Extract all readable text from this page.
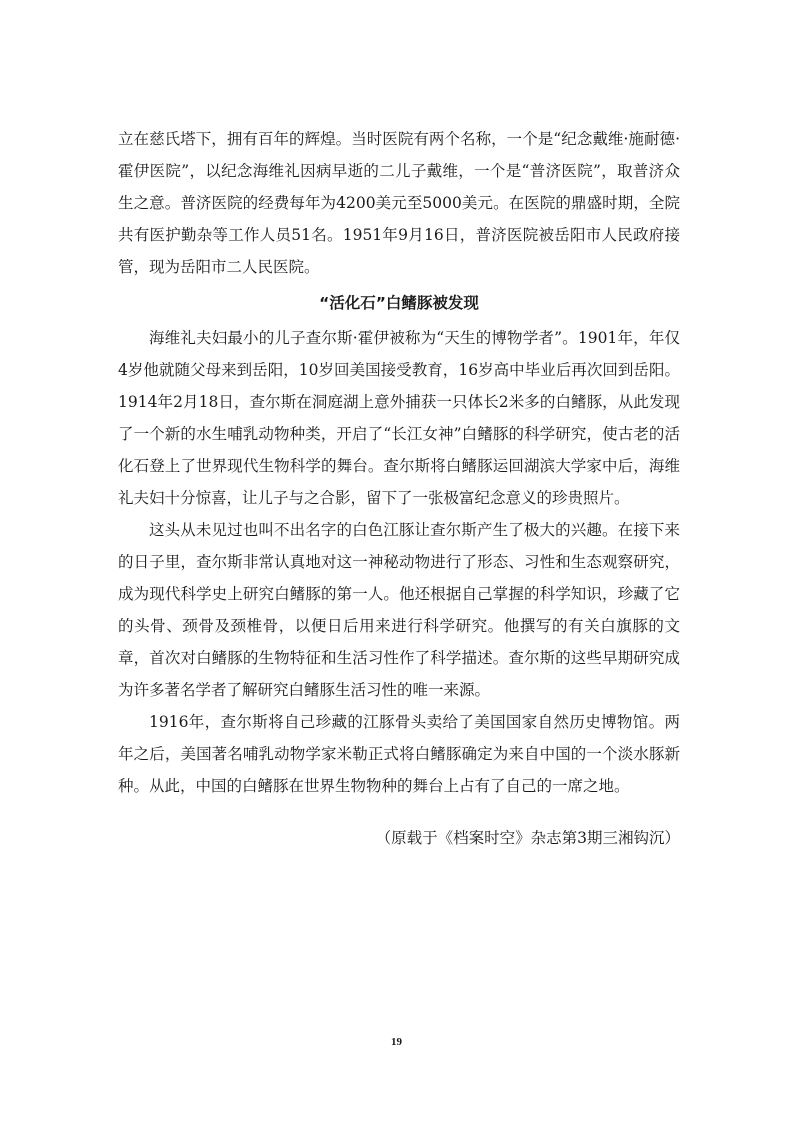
立在慈氏塔下，拥有百年的辉煌。当时医院有两个名称，一个是“纪念戴维·施耐德·霍伊医院”，以纪念海维礼因病早逝的二儿子戴维，一个是“普济医院”，取普济众生之意。普济医院的经费每年为4200美元至5000美元。在医院的鼎盛时期，全院共有医护勤杂等工作人员51名。1951年9月16日，普济医院被岳阳市人民政府接管，现为岳阳市二人民医院。

“活化石”白鳍豚被发现

海维礼夫妇最小的儿子查尔斯·霍伊被称为“天生的博物学者”。1901年，年仅4岁他就随父母来到岳阳，10岁回美国接受教育，16岁高中毕业后再次回到岳阳。1914年2月18日，查尔斯在洞庭湖上意外捕获一只体长2米多的白鳍豚，从此发现了一个新的水生哺乳动物种类，开启了“长江女神”白鳍豚的科学研究，使古老的活化石登上了世界现代生物科学的舞台。查尔斯将白鳍豚运回湖滨大学家中后，海维礼夫妇十分惊喜，让儿子与之合影，留下了一张极富纪念意义的珍贵照片。

这头从未见过也叫不出名字的白色江豚让查尔斯产生了极大的兴趣。在接下来的日子里，查尔斯非常认真地对这一神秘动物进行了形态、习性和生态观察研究，成为现代科学史上研究白鳍豚的第一人。他还根据自己掌握的科学知识，珍藏了它的头骨、颈骨及颈椎骨，以便日后用来进行科学研究。他撰写的有关白旗豚的文章，首次对白鳍豚的生物特征和生活习性作了科学描述。查尔斯的这些早期研究成为许多著名学者了解研究白鳍豚生活习性的唯一来源。

1916年，查尔斯将自己珍藏的江豚骨头卖给了美国国家自然历史博物馆。两年之后，美国著名哺乳动物学家米勒正式将白鳍豚确定为来自中国的一个淡水豚新种。从此，中国的白鳍豚在世界生物物种的舞台上占有了自己的一席之地。

（原载于《档案时空》杂志第3期三湘钩沉）

19
